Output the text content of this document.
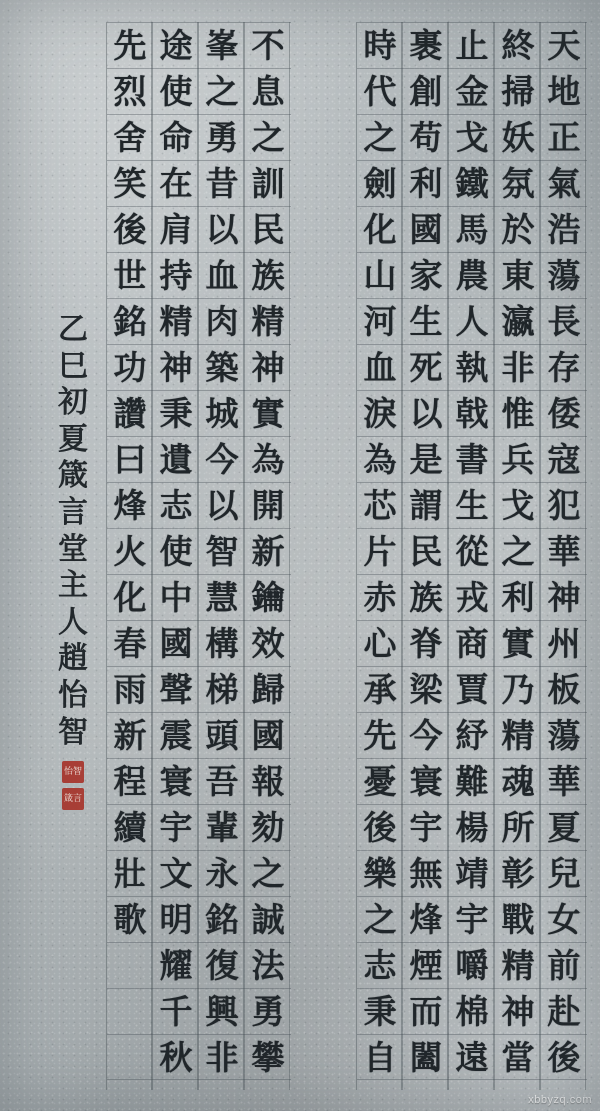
天
地
正
氣
浩
蕩
長
存
倭
寇
犯
華
神
州
板
蕩
華
夏
兒
女
前
赴
後
終
掃
妖
氛
於
東
瀛
非
惟
兵
戈
之
利
實
乃
精
魂
所
彰
戰
精
神
當
止
金
戈
鐵
馬
農
人
執
戟
書
生
從
戎
商
賈
紓
難
楊
靖
宇
嚼
棉
遠
裹
創
苟
利
國
家
生
死
以
是
謂
民
族
脊
梁
今
寰
宇
無
烽
煙
而
闔
時
代
之
劍
化
山
河
血
淚
為
芯
片
赤
心
承
先
憂
後
樂
之
志
秉
自
不
息
之
訓
民
族
精
神
實
為
開
新
鑰
效
歸
國
報
劾
之
誠
法
勇
攀
峯
之
勇
昔
以
血
肉
築
城
今
以
智
慧
構
梯
頭
吾
輩
永
銘
復
興
非
途
使
命
在
肩
持
精
神
秉
遺
志
使
中
國
聲
震
寰
宇
文
明
耀
千
秋
先
烈
舍
笑
後
世
銘
功
讚
曰
烽
火
化
春
雨
新
程
續
壯
歌
乙
巳
初
夏
箴
言
堂
主
人
趙
怡
智
怡智
箴言
xbbyzq.com
